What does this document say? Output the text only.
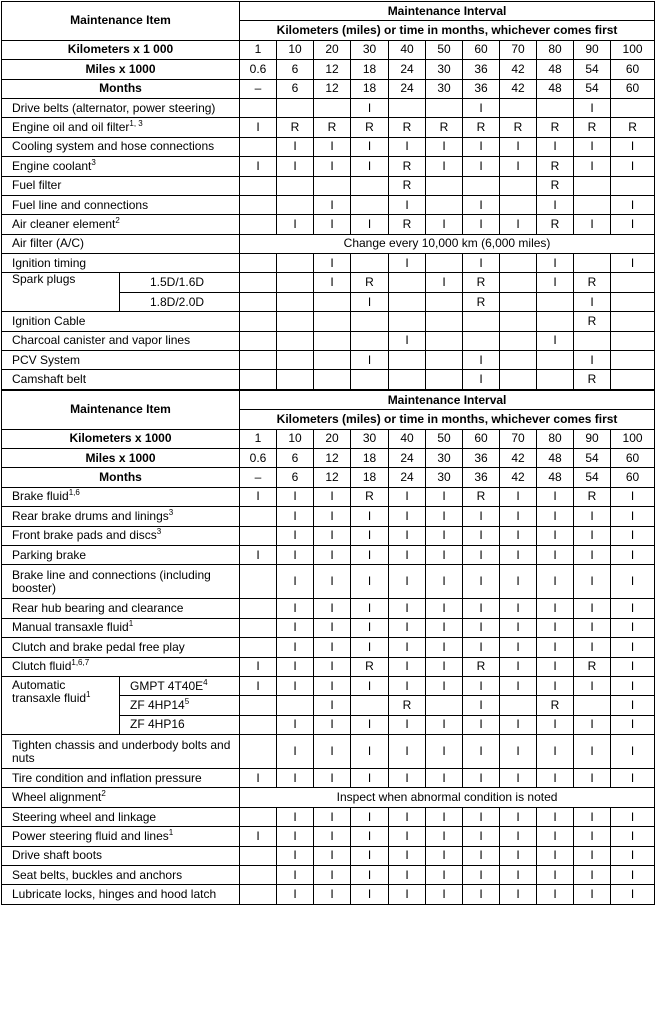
Maintenance Item		Maintenance Interval										
		Kilometers (miles) or time in months, whichever comes first										
Kilometers x 1 000		1	10	20	30	40	50	60	70	80	90	100
Miles x 1000		0.6	6	12	18	24	30	36	42	48	54	60
Months		–	6	12	18	24	30	36	42	48	54	60
Drive belts (alternator, power steering)					I			I			I	
Engine oil and oil filter$^{1, 3}$		I	R	R	R	R	R	R	R	R	R	R
Cooling system and hose connections			I	I	I	I	I	I	I	I	I	I
Engine coolant$^3$		I	I	I	I	R	I	I	I	R	I	I
Fuel filter						R				R		
Fuel line and connections				I		I		I		I		I
Air cleaner element$^2$			I	I	I	R	I	I	I	R	I	I
Air filter (A/C)		Change every 10,000 km (6,000 miles)										
Ignition timing				I		I		I		I		I
Spark plugs	1.5D/1.6D			I	R		I	R		I	R	
	1.8D/2.0D				I			R			I	
Ignition Cable											R	
Charcoal canister and vapor lines						I				I		
PCV System					I			I			I	
Camshaft belt								I			R	
Maintenance Item		Maintenance Interval										
		Kilometers (miles) or time in months, whichever comes first										
Kilometers x 1000		1	10	20	30	40	50	60	70	80	90	100
Miles x 1000		0.6	6	12	18	24	30	36	42	48	54	60
Months		–	6	12	18	24	30	36	42	48	54	60
Brake fluid$^{1,6}$		I	I	I	R	I	I	R	I	I	R	I
Rear brake drums and linings$^3$			I	I	I	I	I	I	I	I	I	I
Front brake pads and discs$^3$			I	I	I	I	I	I	I	I	I	I
Parking brake		I	I	I	I	I	I	I	I	I	I	I
Brake line and connections (including booster)			I	I	I	I	I	I	I	I	I	I
Rear hub bearing and clearance			I	I	I	I	I	I	I	I	I	I
Manual transaxle fluid$^1$			I	I	I	I	I	I	I	I	I	I
Clutch and brake pedal free play			I	I	I	I	I	I	I	I	I	I
Clutch fluid$^{1,6,7}$		I	I	I	R	I	I	R	I	I	R	I
Automatic transaxle fluid$^1$	GMPT $4T40E^4$	I	I	I	I	I	I	I	I	I	I	I
	ZF $4HP14^5$			I		R		I		R		I
	ZF 4HP16		I	I	I	I	I	I	I	I	I	I
Tighten chassis and underbody bolts and nuts			I	I	I	I	I	I	I	I	I	I
Tire condition and inflation pressure		I	I	I	I	I	I	I	I	I	I	I
Wheel alignment$^2$		Inspect when abnormal condition is noted										
Steering wheel and linkage			I	I	I	I	I	I	I	I	I	I
Power steering fluid and lines$^1$		I	I	I	I	I	I	I	I	I	I	I
Drive shaft boots			I	I	I	I	I	I	I	I	I	I
Seat belts, buckles and anchors			I	I	I	I	I	I	I	I	I	I
Lubricate locks, hinges and hood latch			I	I	I	I	I	I	I	I	I	I
